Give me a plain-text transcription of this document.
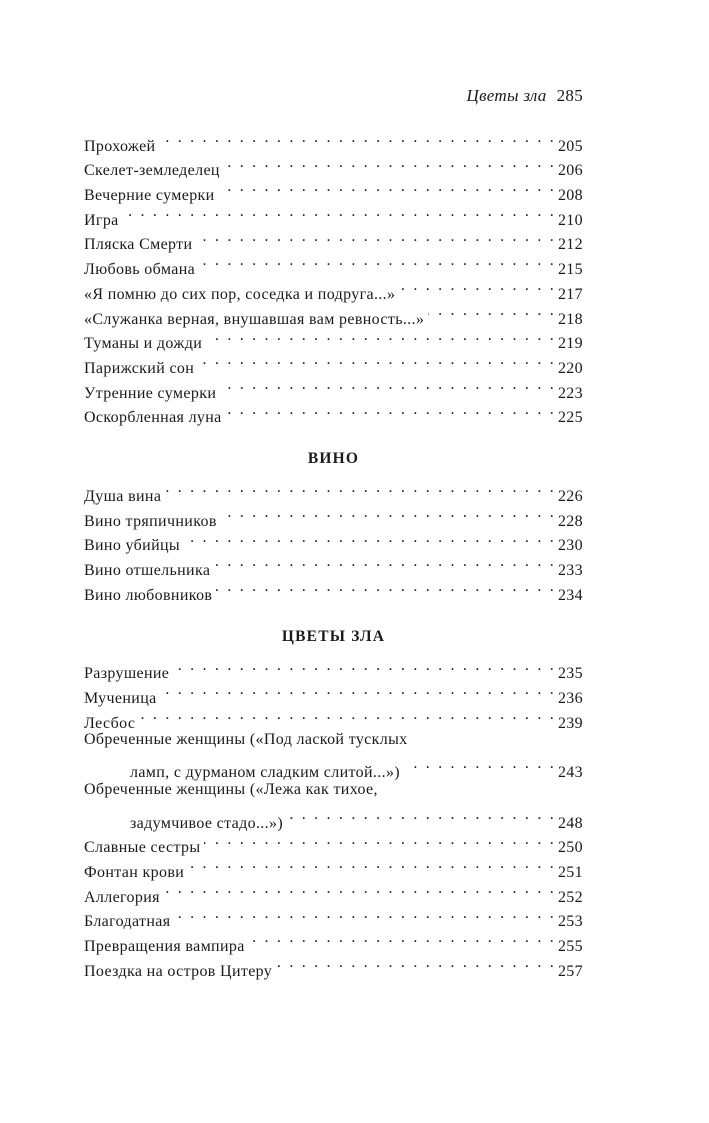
Цветы зла 285
Прохожей . . .	205
Скелет-земледелец . . .	206
Вечерние сумерки . . .	208
Игра . . .	210
Пляска Смерти . . .	212
Любовь обмана . . .	215
«Я помню до сих пор, соседка и подруга...» . . .	217
«Служанка верная, внушавшая вам ревность...» . . .	218
Туманы и дожди . . .	219
Парижский сон . . .	220
Утренние сумерки . . .	223
Оскорбленная луна . . .	225
ВИНО
Душа вина . . .	226
Вино тряпичников . . .	228
Вино убийцы . . .	230
Вино отшельника . . .	233
Вино любовников . . .	234
ЦВЕТЫ ЗЛА
Разрушение . . .	235
Мученица . . .	236
Лесбос . . .	239
Обреченные женщины («Под лаской тусклых
ламп, с дурманом сладким слитой...») . . .	243
Обреченные женщины («Лежа как тихое,
задумчивое стадо...») . . .	248
Славные сестры . . .	250
Фонтан крови . . .	251
Аллегория . . .	252
Благодатная . . .	253
Превращения вампира . . .	255
Поездка на остров Цитеру . . .	257
